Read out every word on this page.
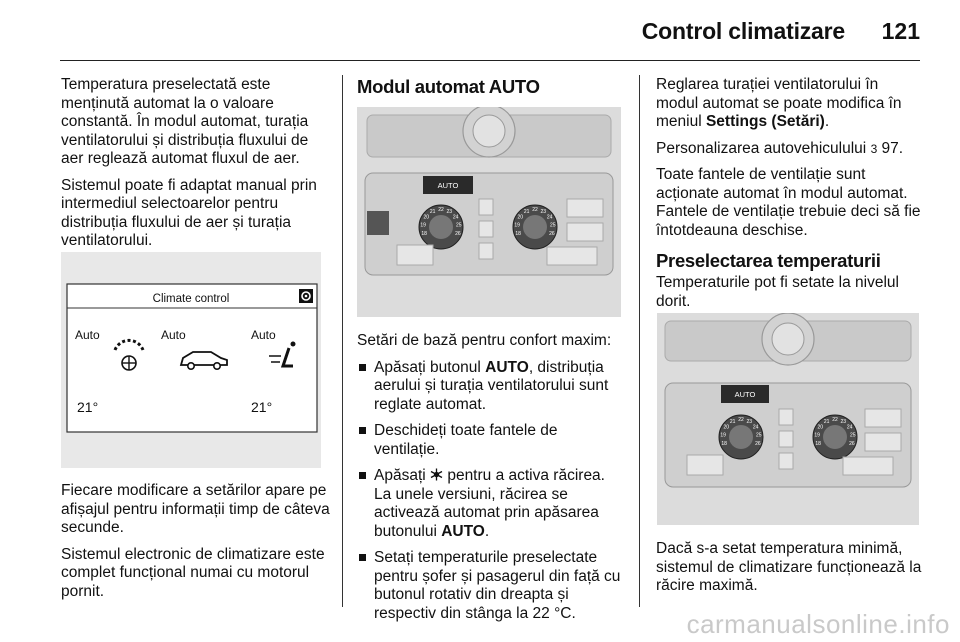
Control climatizare 121

Temperatura preselectată este menținută automat la o valoare constantă. În modul automat, turația ventilatorului și distribuția fluxului de aer reglează automat fluxul de aer.

Sistemul poate fi adaptat manual prin intermediul selectoarelor pentru distribuția fluxului de aer și turația ventilatorului.

Climate control
Auto	Auto	Auto
21°	21°

Fiecare modificare a setărilor apare pe afișajul pentru informații timp de câteva secunde.

Sistemul electronic de climatizare este complet funcțional numai cu motorul pornit.

Modul automat AUTO
AUTO
18
19
20
21 22 23
24
25
26	18
19
20
21 22 23
24
25
26

Setări de bază pentru confort maxim:

Apăsați butonul AUTO, distribuția aerului și turația ventilatorului sunt reglate automat.
Deschideți toate fantele de ventilație.
Apăsați  pentru a activa răcirea. La unele versiuni, răcirea se activează automat prin apăsarea butonului AUTO.
Setați temperaturile preselectate pentru șofer și pasagerul din față cu butonul rotativ din dreapta și respectiv din stânga la 22 °C.

Reglarea turației ventilatorului în modul automat se poate modifica în meniul Settings (Setări).

Personalizarea autovehiculului 3 97.

Toate fantele de ventilație sunt acționate automat în modul automat. Fantele de ventilație trebuie deci să fie întotdeauna deschise.

Preselectarea temperaturii

Temperaturile pot fi setate la nivelul dorit.

AUTO
18
19
20
21 22 23
24
25
26	18
19
20
21 22 23
24
25
26

Dacă s-a setat temperatura minimă, sistemul de climatizare funcționează la răcire maximă.

carmanualsonline.info
